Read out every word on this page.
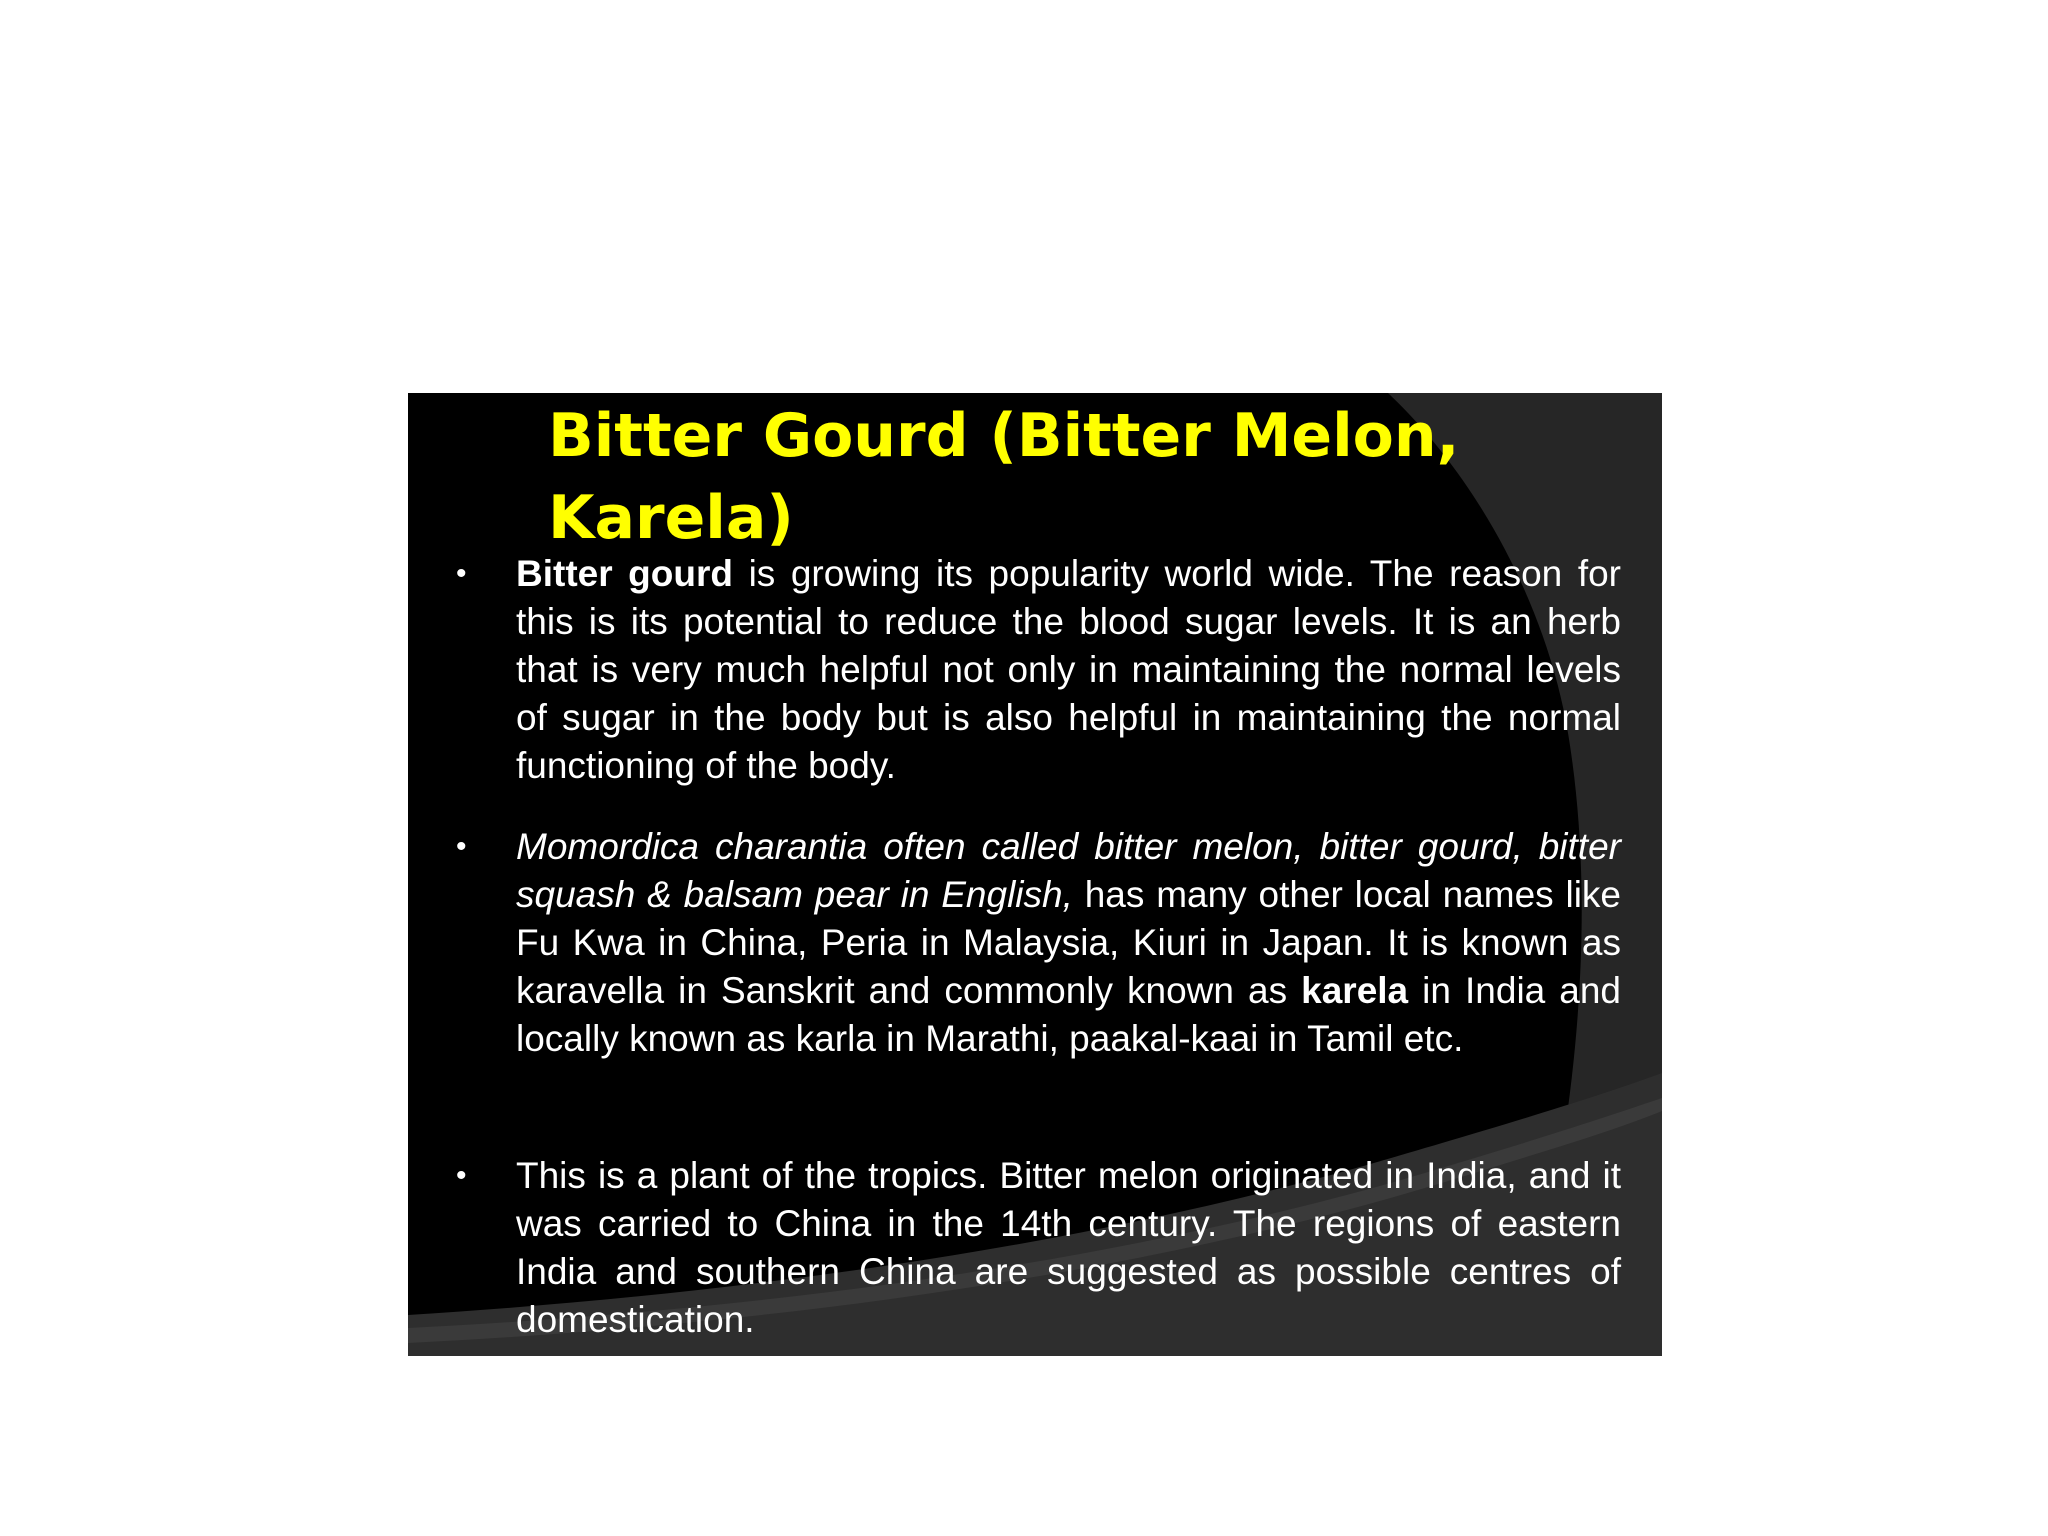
Bitter Gourd (Bitter Melon,
Karela)
• Bitter gourd is growing its popularity world wide. The reason for this is its potential to reduce the blood sugar levels. It is an herb that is very much helpful not only in maintaining the normal levels of sugar in the body but is also helpful in maintaining the normal functioning of the body.
• Momordica charantia often called bitter melon, bitter gourd, bitter squash & balsam pear in English, has many other local names like Fu Kwa in China, Peria in Malaysia, Kiuri in Japan. It is known as karavella in Sanskrit and commonly known as karela in India and locally known as karla in Marathi, paakal-kaai in Tamil etc.
• This is a plant of the tropics. Bitter melon originated in India, and it was carried to China in the 14th century. The regions of eastern India and southern China are suggested as possible centres of domestication.
